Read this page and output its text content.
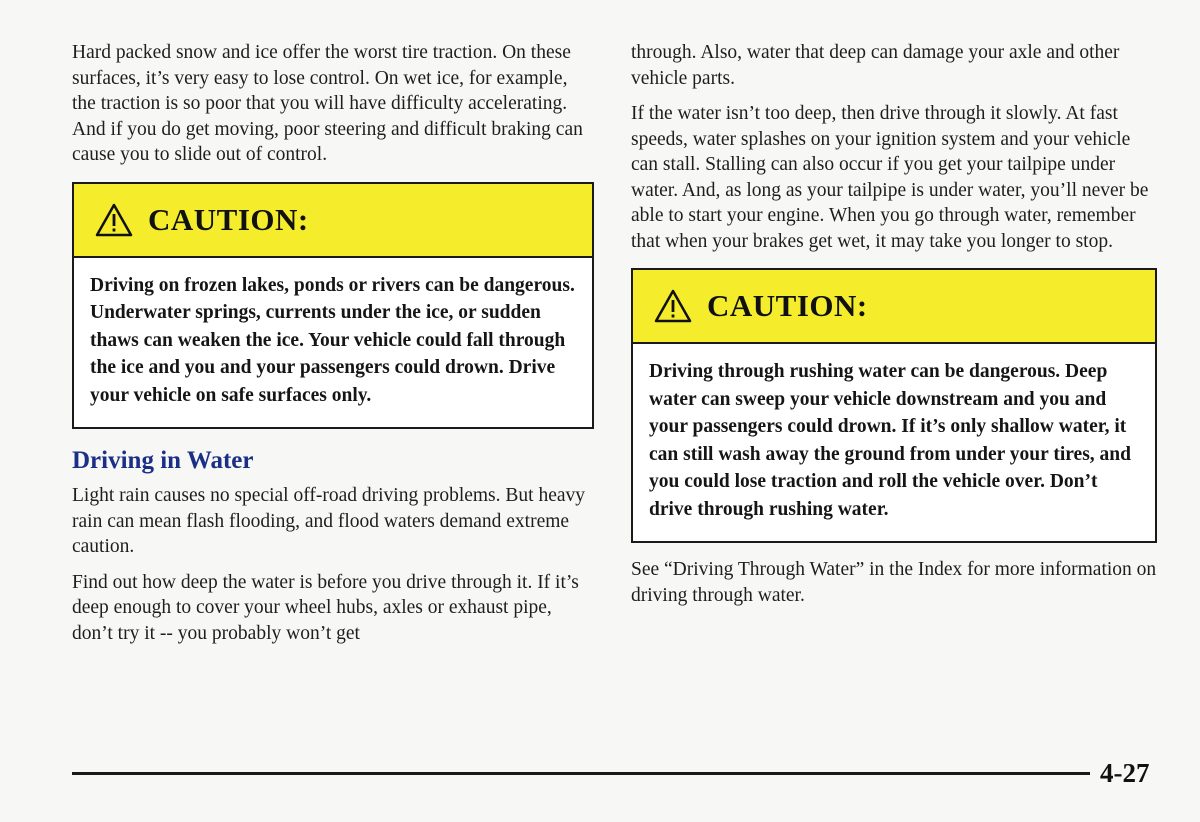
Hard packed snow and ice offer the worst tire traction. On these surfaces, it’s very easy to lose control. On wet ice, for example, the traction is so poor that you will have difficulty accelerating. And if you do get moving, poor steering and difficult braking can cause you to slide out of control.

CAUTION:
Driving on frozen lakes, ponds or rivers can be dangerous. Underwater springs, currents under the ice, or sudden thaws can weaken the ice. Your vehicle could fall through the ice and you and your passengers could drown. Drive your vehicle on safe surfaces only.
Driving in Water

Light rain causes no special off-road driving problems. But heavy rain can mean flash flooding, and flood waters demand extreme caution.

Find out how deep the water is before you drive through it. If it’s deep enough to cover your wheel hubs, axles or exhaust pipe, don’t try it -- you probably won’t get

through. Also, water that deep can damage your axle and other vehicle parts.

If the water isn’t too deep, then drive through it slowly. At fast speeds, water splashes on your ignition system and your vehicle can stall. Stalling can also occur if you get your tailpipe under water. And, as long as your tailpipe is under water, you’ll never be able to start your engine. When you go through water, remember that when your brakes get wet, it may take you longer to stop.

CAUTION:
Driving through rushing water can be dangerous. Deep water can sweep your vehicle downstream and you and your passengers could drown. If it’s only shallow water, it can still wash away the ground from under your tires, and you could lose traction and roll the vehicle over. Don’t drive through rushing water.

See “Driving Through Water” in the Index for more information on driving through water.

4-27
